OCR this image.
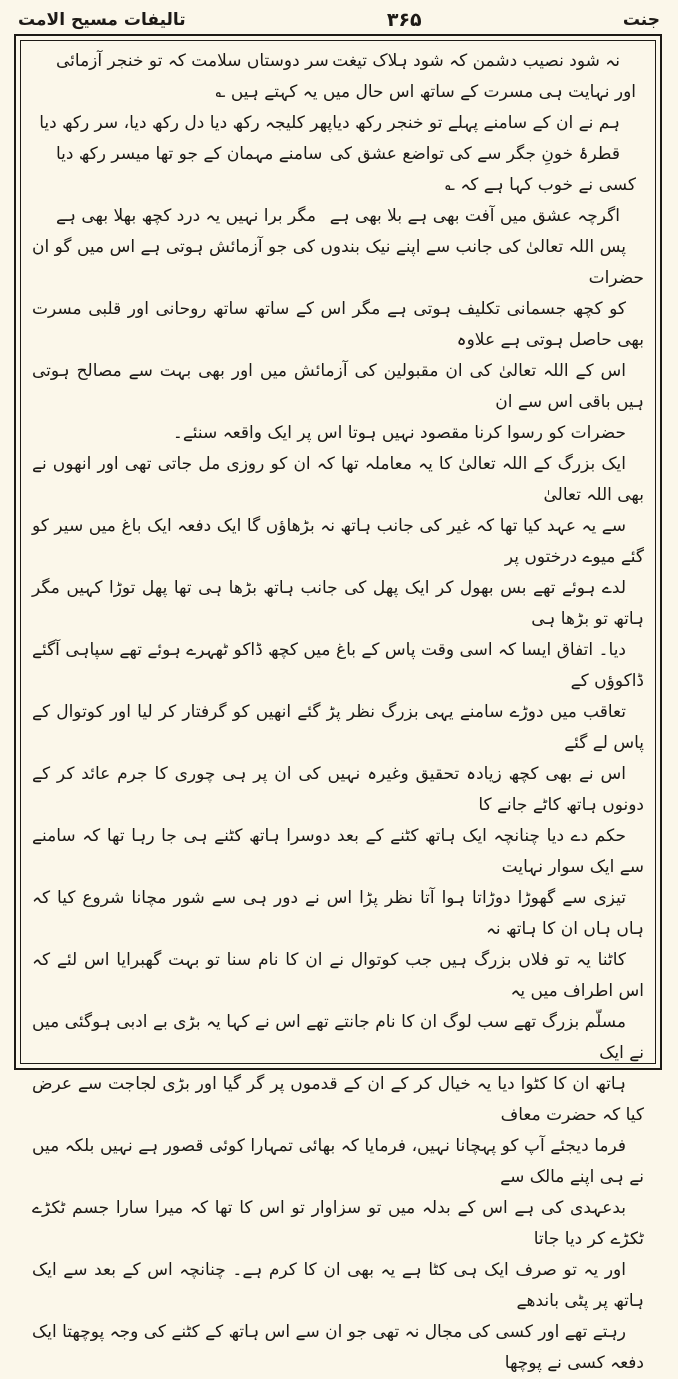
جنت
۳۶۵
تالیفات مسیح الامت
نہ شود نصیب دشمن کہ شود ہلاک تیغت
سر دوستاں سلامت کہ تو خنجر آزمائی
اور نہایت ہی مسرت کے ساتھ اس حال میں یہ کہتے ہیں ؎
ہم نے ان کے سامنے پہلے تو خنجر رکھ دیا
پھر کلیجہ رکھ دیا دل رکھ دیا، سر رکھ دیا
قطرۂ خونِ جگر سے کی تواضع عشق کی
سامنے مہمان کے جو تھا میسر رکھ دیا
کسی نے خوب کہا ہے کہ ؎
اگرچہ عشق میں آفت بھی ہے بلا بھی ہے
مگر برا نہیں یہ درد کچھ بھلا بھی ہے

پس اللہ تعالیٰ کی جانب سے اپنے نیک بندوں کی جو آزمائش ہوتی ہے اس میں گو ان حضرات
کو کچھ جسمانی تکلیف ہوتی ہے مگر اس کے ساتھ ساتھ روحانی اور قلبی مسرت بھی حاصل ہوتی ہے علاوہ
اس کے اللہ تعالیٰ کی ان مقبولین کی آزمائش میں اور بھی بہت سے مصالح ہوتی ہیں باقی اس سے ان
حضرات کو رسوا کرنا مقصود نہیں ہوتا اس پر ایک واقعہ سنئے۔

ایک بزرگ کے اللہ تعالیٰ کا یہ معاملہ تھا کہ ان کو روزی مل جاتی تھی اور انھوں نے بھی اللہ تعالیٰ
سے یہ عہد کیا تھا کہ غیر کی جانب ہاتھ نہ بڑھاؤں گا ایک دفعہ ایک باغ میں سیر کو گئے میوے درختوں پر
لدے ہوئے تھے بس بھول کر ایک پھل کی جانب ہاتھ بڑھا ہی تھا پھل توڑا کہیں مگر ہاتھ تو بڑھا ہی
دیا۔ اتفاق ایسا کہ اسی وقت پاس کے باغ میں کچھ ڈاکو ٹھہرے ہوئے تھے سپاہی آگئے ڈاکوؤں کے
تعاقب میں دوڑے سامنے یہی بزرگ نظر پڑ گئے انھیں کو گرفتار کر لیا اور کوتوال کے پاس لے گئے
اس نے بھی کچھ زیادہ تحقیق وغیرہ نہیں کی ان پر ہی چوری کا جرم عائد کر کے دونوں ہاتھ کاٹے جانے کا
حکم دے دیا چنانچہ ایک ہاتھ کٹنے کے بعد دوسرا ہاتھ کٹنے ہی جا رہا تھا کہ سامنے سے ایک سوار نہایت
تیزی سے گھوڑا دوڑاتا ہوا آتا نظر پڑا اس نے دور ہی سے شور مچانا شروع کیا کہ ہاں ہاں ان کا ہاتھ نہ
کاٹنا یہ تو فلاں بزرگ ہیں جب کوتوال نے ان کا نام سنا تو بہت گھبرایا اس لئے کہ اس اطراف میں یہ
مسلّم بزرگ تھے سب لوگ ان کا نام جانتے تھے اس نے کہا یہ بڑی بے ادبی ہوگئی میں نے ایک
ہاتھ ان کا کٹوا دیا یہ خیال کر کے ان کے قدموں پر گر گیا اور بڑی لجاجت سے عرض کیا کہ حضرت معاف
فرما دیجئے آپ کو پہچانا نہیں، فرمایا کہ بھائی تمہارا کوئی قصور ہے نہیں بلکہ میں نے ہی اپنے مالک سے
بدعہدی کی ہے اس کے بدلہ میں تو سزاوار تو اس کا تھا کہ میرا سارا جسم ٹکڑے ٹکڑے کر دیا جاتا
اور یہ تو صرف ایک ہی کٹا ہے یہ بھی ان کا کرم ہے۔ چنانچہ اس کے بعد سے ایک ہاتھ پر پٹی باندھے
رہتے تھے اور کسی کی مجال نہ تھی جو ان سے اس ہاتھ کے کٹنے کی وجہ پوچھتا ایک دفعہ کسی نے پوچھا
